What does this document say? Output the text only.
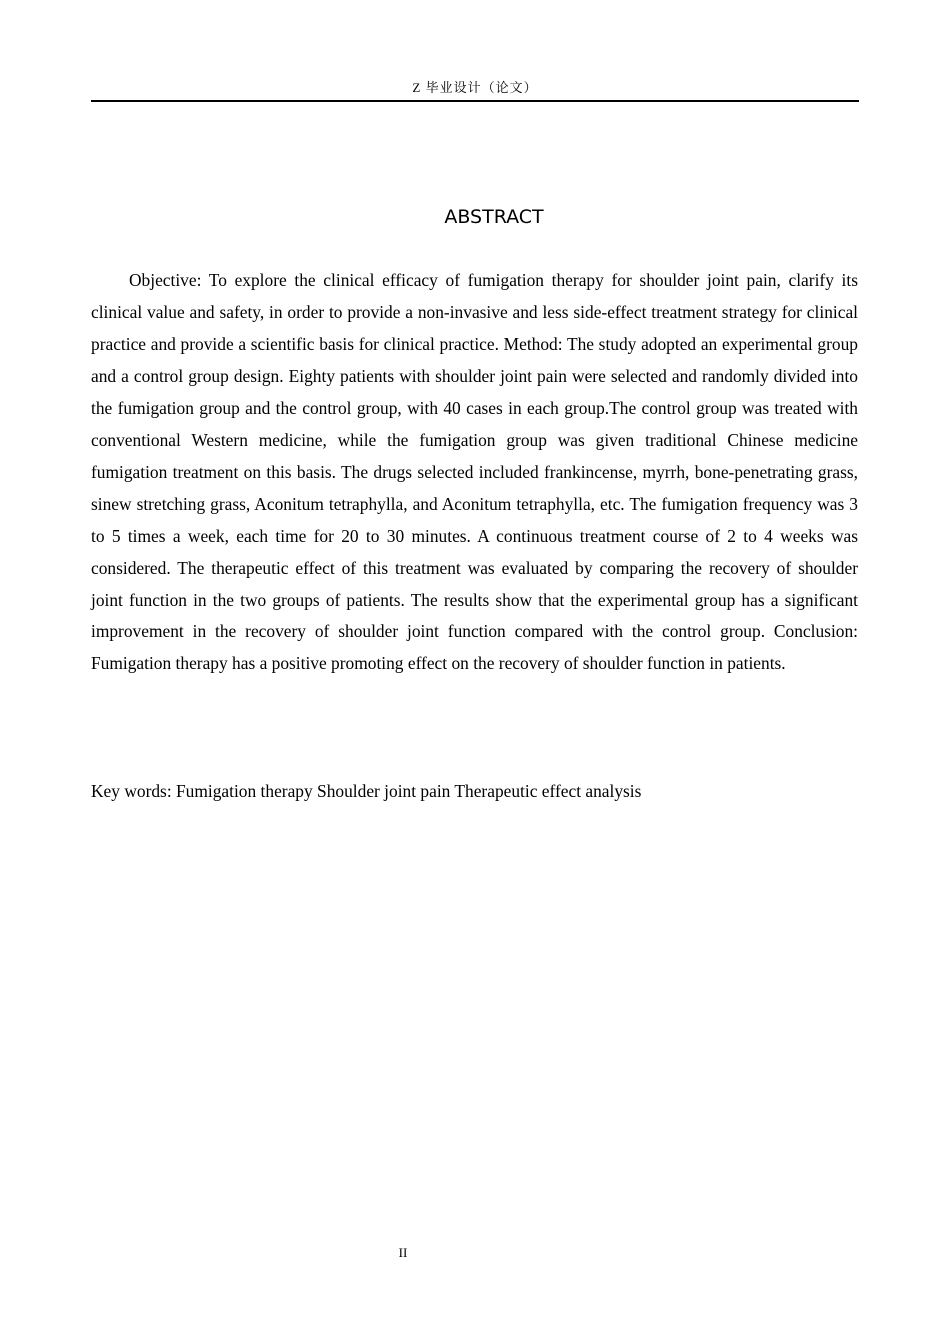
Z 毕业设计（论文）
ABSTRACT

Objective: To explore the clinical efficacy of fumigation therapy for shoulder joint pain, clarify its clinical value and safety, in order to provide a non-invasive and less side-effect treatment strategy for clinical practice and provide a scientific basis for clinical practice. Method: The study adopted an experimental group and a control group design. Eighty patients with shoulder joint pain were selected and randomly divided into the fumigation group and the control group, with 40 cases in each group.The control group was treated with conventional Western medicine, while the fumigation group was given traditional Chinese medicine fumigation treatment on this basis. The drugs selected included frankincense, myrrh, bone-penetrating grass, sinew stretching grass, Aconitum tetraphylla, and Aconitum tetraphylla, etc. The fumigation frequency was 3 to 5 times a week, each time for 20 to 30 minutes. A continuous treatment course of 2 to 4 weeks was considered. The therapeutic effect of this treatment was evaluated by comparing the recovery of shoulder joint function in the two groups of patients. The results show that the experimental group has a significant improvement in the recovery of shoulder joint function compared with the control group. Conclusion: Fumigation therapy has a positive promoting effect on the recovery of shoulder function in patients.

Key words: Fumigation therapy Shoulder joint pain Therapeutic effect analysis

II
